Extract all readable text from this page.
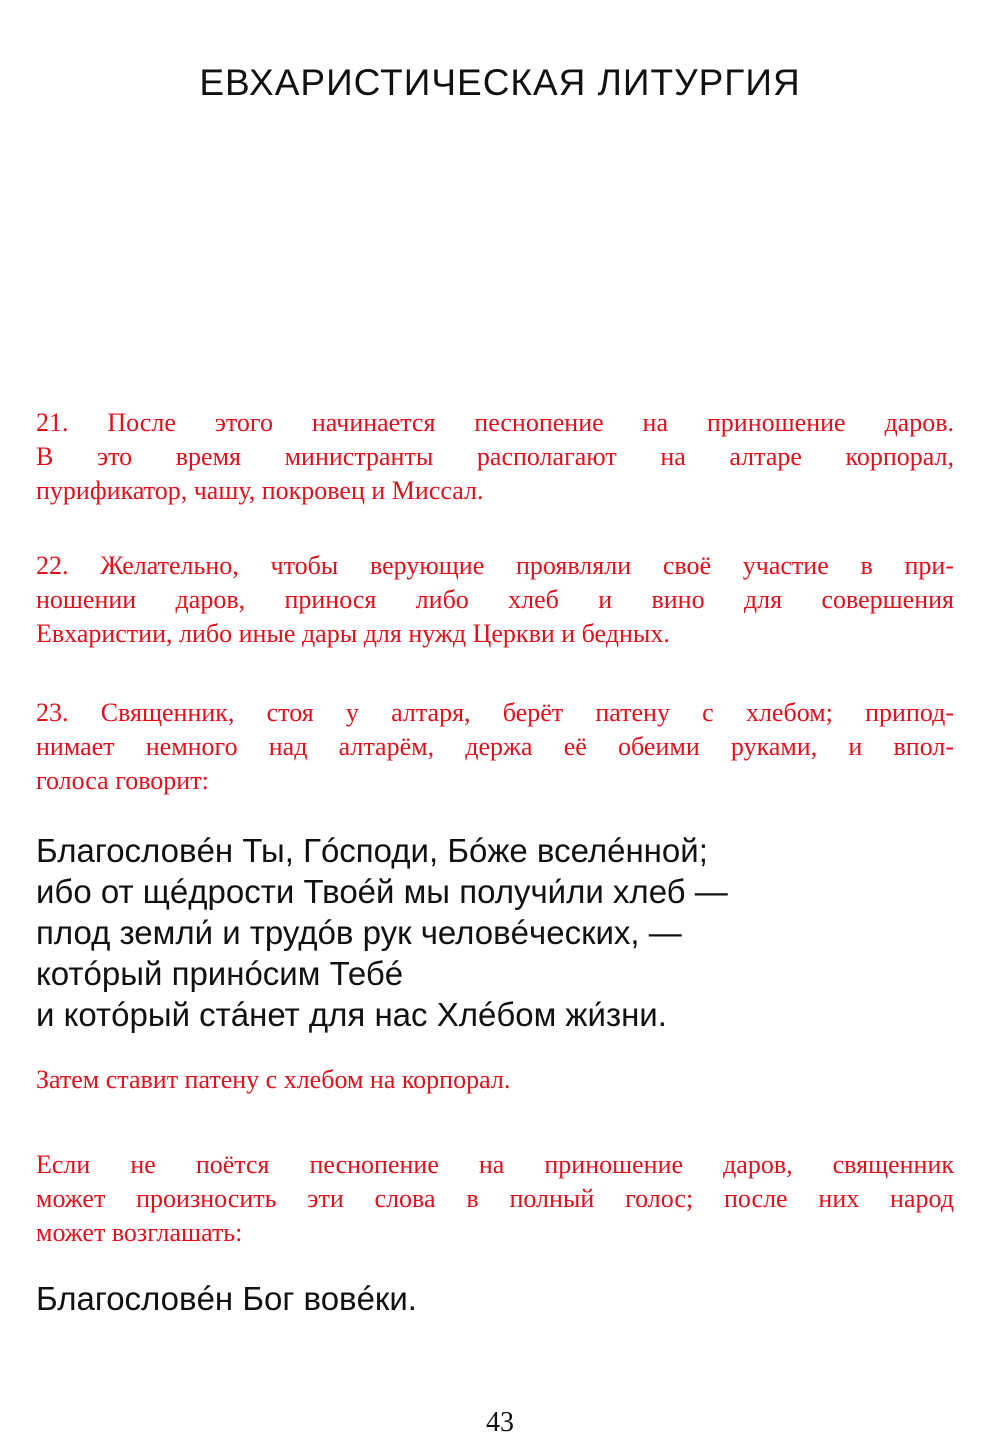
ЕВХАРИСТИЧЕСКАЯ ЛИТУРГИЯ
21. После этого начинается песнопение на приношение даров.
В это время министранты располагают на алтаре корпорал,
пурификатор, чашу, покровец и Миссал.
22. Желательно, чтобы верующие проявляли своё участие в при-
ношении даров, принося либо хлеб и вино для совершения
Евхаристии, либо иные дары для нужд Церкви и бедных.
23. Священник, стоя у алтаря, берёт патену с хлебом; припод-
нимает немного над алтарём, держа её обеими руками, и впол-
голоса говорит:
Благословéн Ты, Гóсподи, Бóже вселéнной;
ибо от щéдрости Твоéй мы получи́ли хлеб —
плод земли́ и трудóв рук человéческих, —
котóрый принóсим Тебé
и котóрый стáнет для нас Хлéбом жи́зни.
Затем ставит патену с хлебом на корпорал.
Если не поётся песнопение на приношение даров, священник
может произносить эти слова в полный голос; после них народ
может возглашать:
Благословéн Бог вовéки.
43
